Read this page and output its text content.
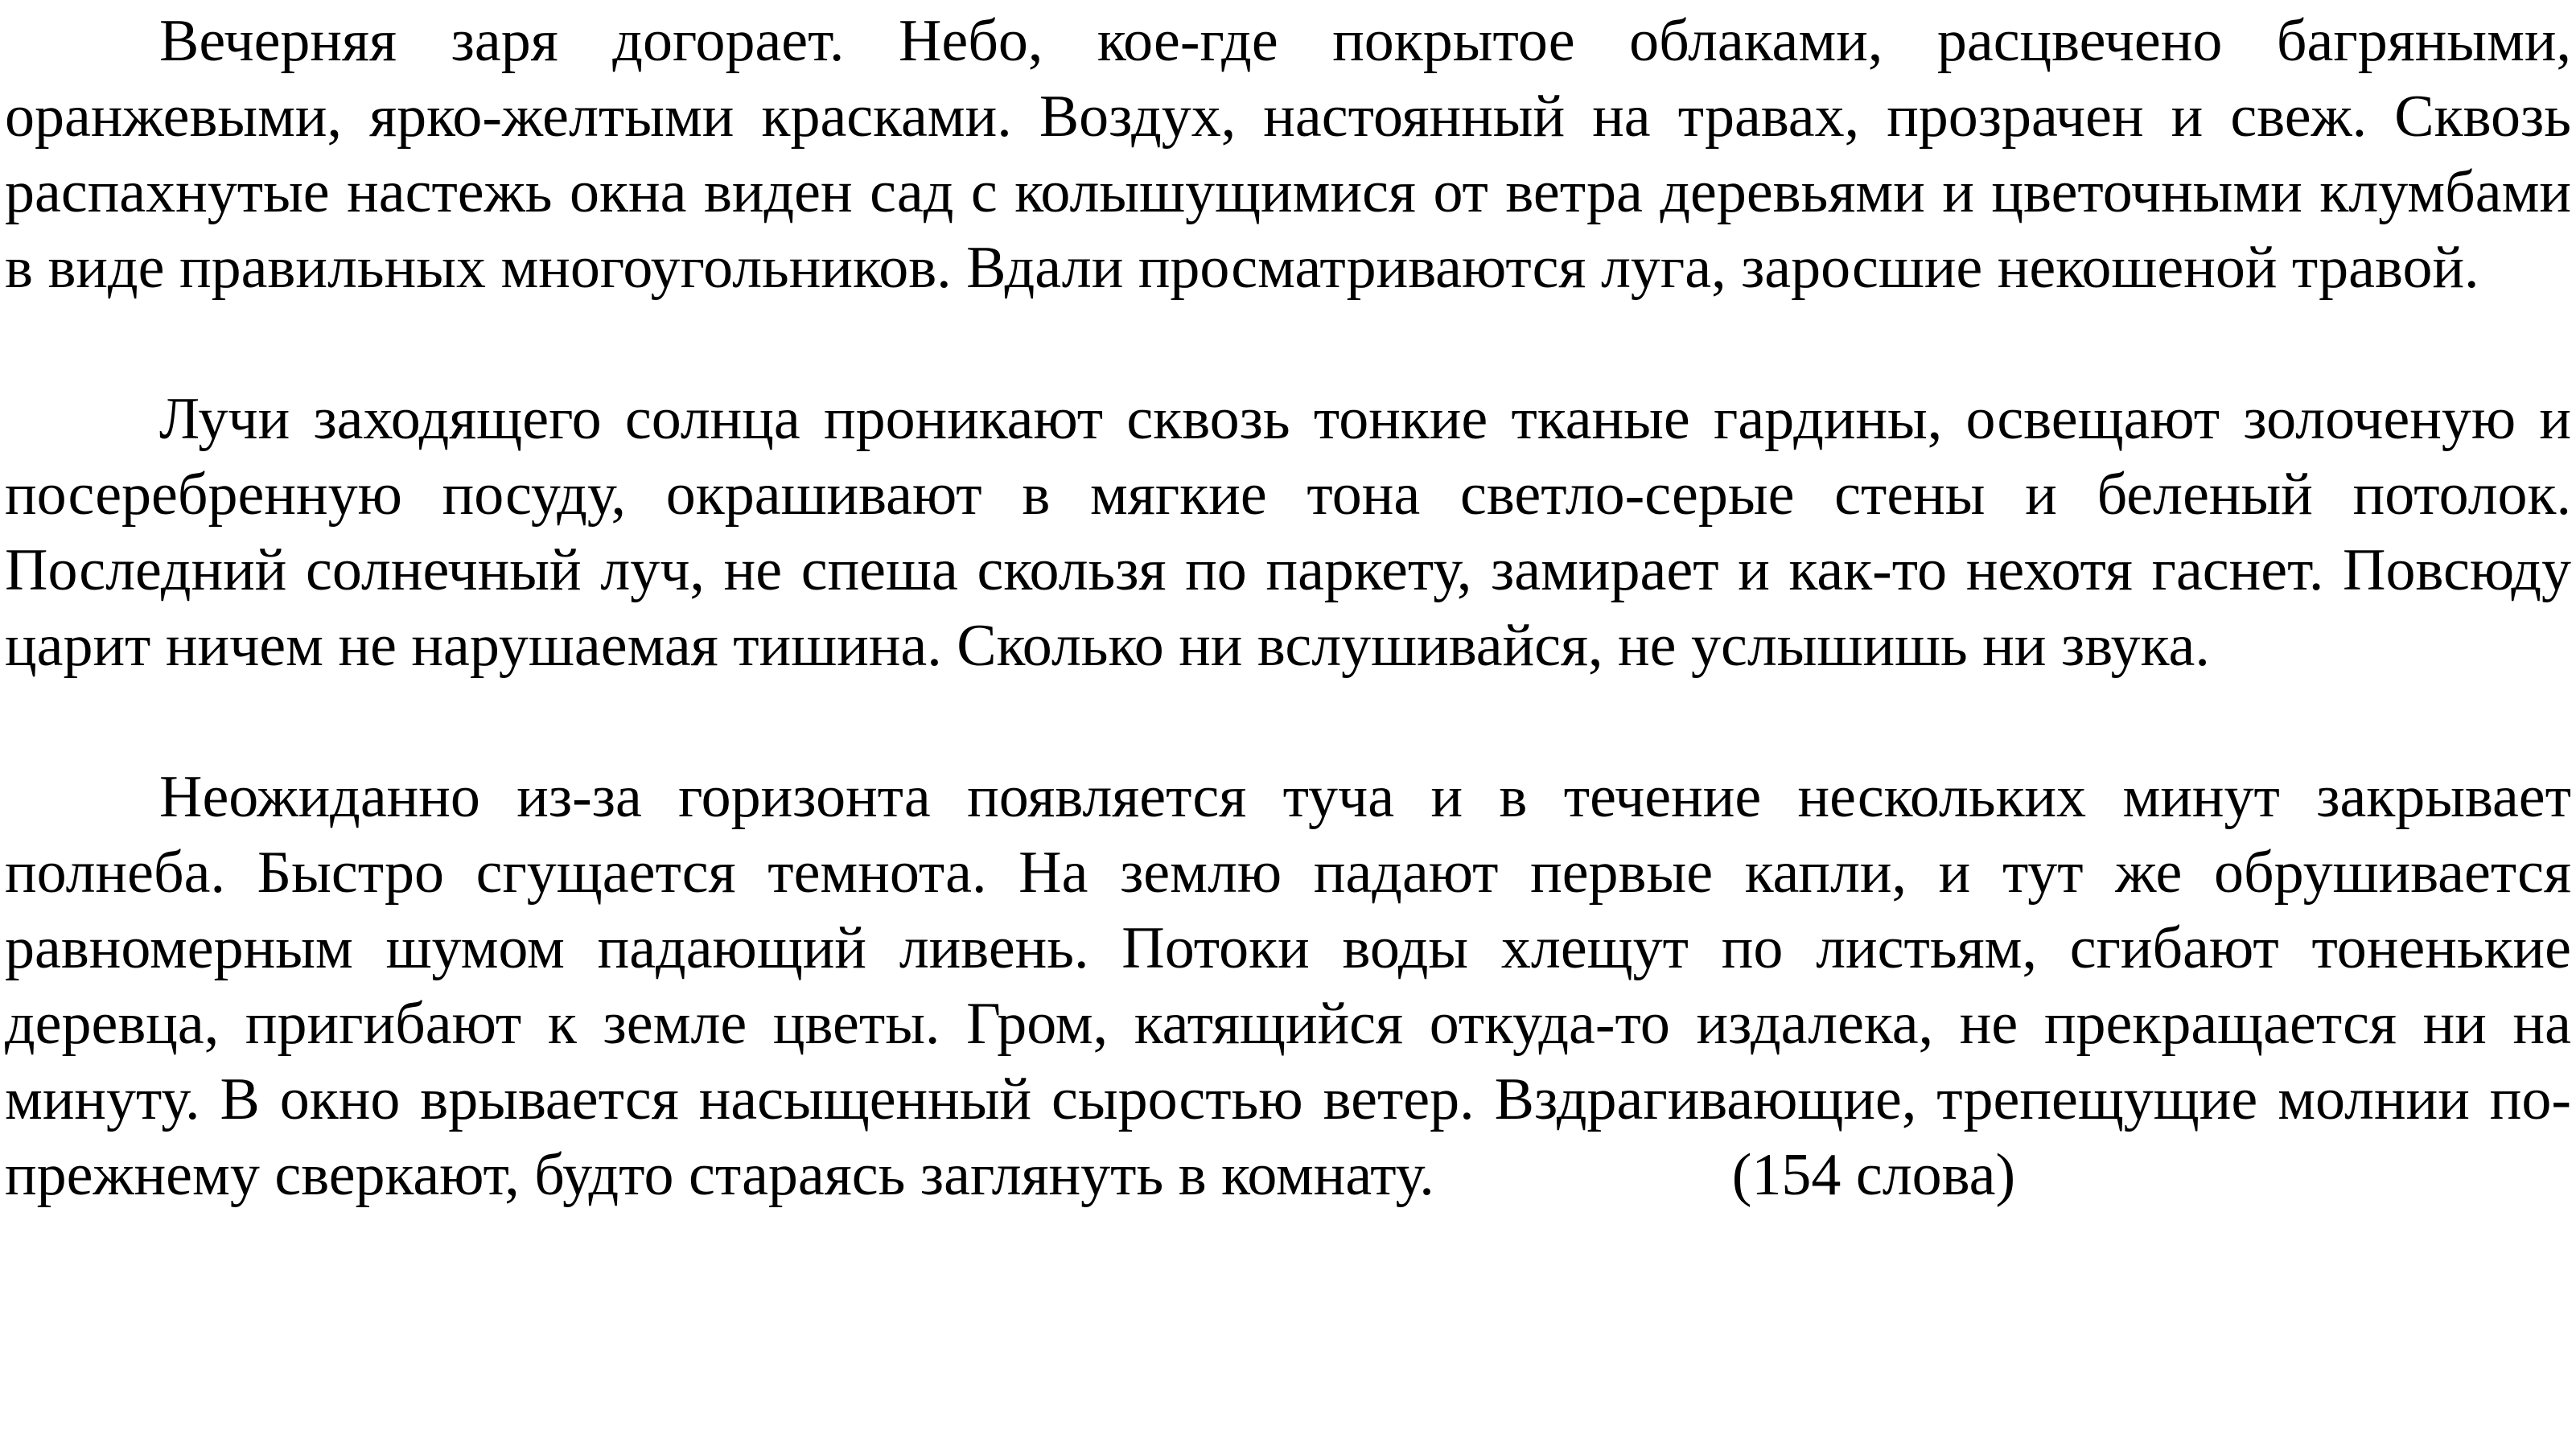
Вечерняя заря догорает. Небо, кое-где покрытое облаками, расцвечено багряными, оранжевыми, ярко-желтыми красками. Воздух, настоянный на травах, прозрачен и свеж. Сквозь распахнутые настежь окна виден сад с колышущимися от ветра деревьями и цветочными клумбами в виде правильных многоугольников. Вдали просматриваются луга, заросшие некошеной травой.

Лучи заходящего солнца проникают сквозь тонкие тканые гардины, освещают золоченую и посеребренную посуду, окрашивают в мягкие тона светло-серые стены и беленый потолок. Последний солнечный луч, не спеша скользя по паркету, замирает и как-то нехотя гаснет. Повсюду царит ничем не нарушаемая тишина. Сколько ни вслушивайся, не услышишь ни звука.

Неожиданно из-за горизонта появляется туча и в течение нескольких минут закрывает полнеба. Быстро сгущается темнота. На землю падают первые капли, и тут же обрушивается равномерным шумом падающий ливень. Потоки воды хлещут по листьям, сгибают тоненькие деревца, пригибают к земле цветы. Гром, катящийся откуда-то издалека, не прекращается ни на минуту. В окно врывается насыщенный сыростью ветер. Вздрагивающие, трепещущие молнии по-прежнему сверкают, будто стараясь заглянуть в комнату.	(154 слова)
